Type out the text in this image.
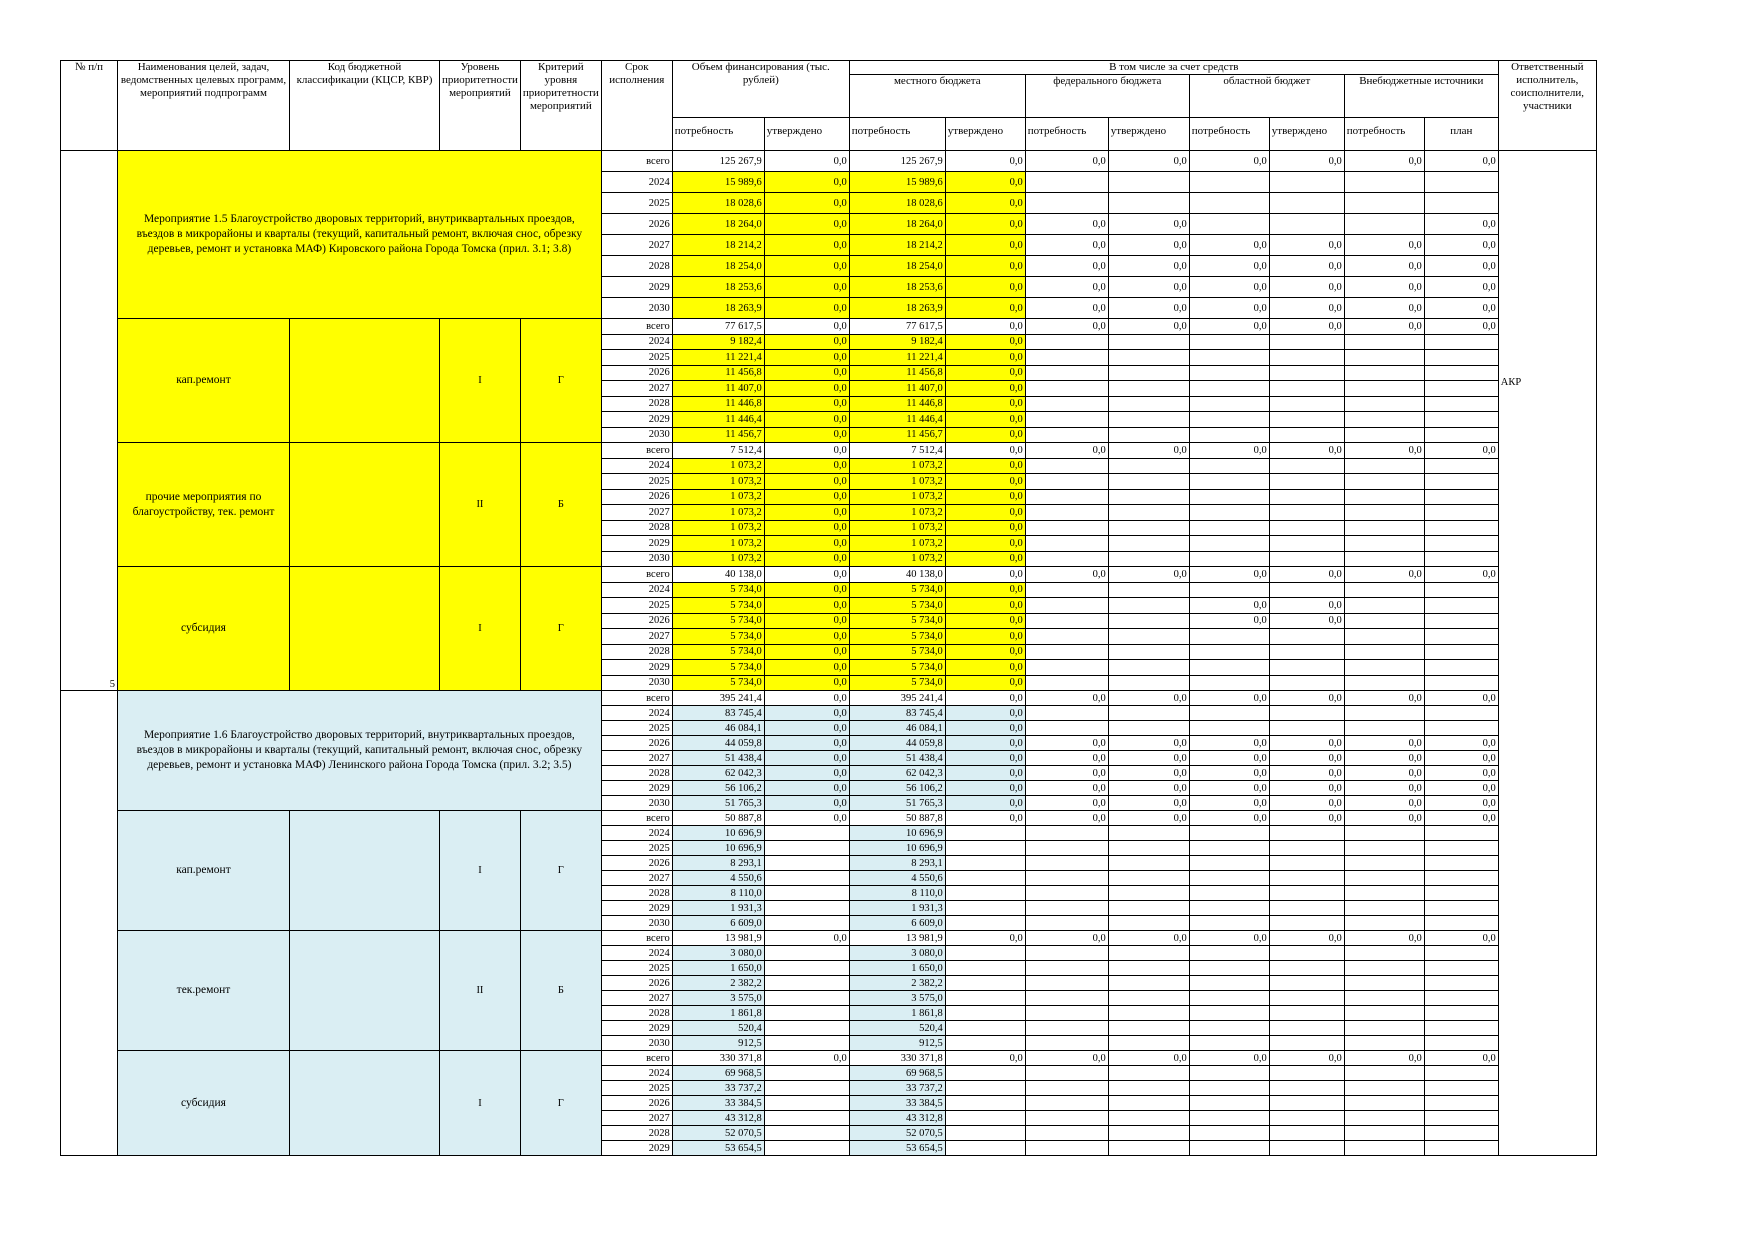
№ п/п	Наименования целей, задач, ведомственных целевых программ, мероприятий подпрограмм	Код бюджетной классификации (КЦСР, КВР)	Уровень приоритетности мероприятий	Критерий уровня приоритетности мероприятий	Срок исполнения	Объем финансирования (тыс. рублей)		В том числе за счет средств								Ответственный исполнитель, соисполнители, участники
								местного бюджета		федерального бюджета		областной бюджет		Внебюджетные источники		
						потребность	утверждено	потребность	утверждено	потребность	утверждено	потребность	утверждено	потребность	план	
5	Мероприятие 1.5 Благоустройство дворовых территорий, внутриквартальных проездов, въездов в микрорайоны и кварталы (текущий, капитальный ремонт, включая снос, обрезку деревьев, ремонт и установка МАФ) Кировского района Города Томска (прил. 3.1; 3.8)				всего	125 267,9	0,0	125 267,9	0,0	0,0	0,0	0,0	0,0	0,0	0,0	АКР
					2024	15 989,6	0,0	15 989,6	0,0							
					2025	18 028,6	0,0	18 028,6	0,0							
					2026	18 264,0	0,0	18 264,0	0,0	0,0	0,0				0,0	
					2027	18 214,2	0,0	18 214,2	0,0	0,0	0,0	0,0	0,0	0,0	0,0	
					2028	18 254,0	0,0	18 254,0	0,0	0,0	0,0	0,0	0,0	0,0	0,0	
					2029	18 253,6	0,0	18 253,6	0,0	0,0	0,0	0,0	0,0	0,0	0,0	
					2030	18 263,9	0,0	18 263,9	0,0	0,0	0,0	0,0	0,0	0,0	0,0	
	кап.ремонт		I	Г	всего	77 617,5	0,0	77 617,5	0,0	0,0	0,0	0,0	0,0	0,0	0,0	
					2024	9 182,4	0,0	9 182,4	0,0							
					2025	11 221,4	0,0	11 221,4	0,0							
					2026	11 456,8	0,0	11 456,8	0,0							
					2027	11 407,0	0,0	11 407,0	0,0							
					2028	11 446,8	0,0	11 446,8	0,0							
					2029	11 446,4	0,0	11 446,4	0,0							
					2030	11 456,7	0,0	11 456,7	0,0							
	прочие мероприятия по благоустройству, тек. ремонт		II	Б	всего	7 512,4	0,0	7 512,4	0,0	0,0	0,0	0,0	0,0	0,0	0,0	
					2024	1 073,2	0,0	1 073,2	0,0							
					2025	1 073,2	0,0	1 073,2	0,0							
					2026	1 073,2	0,0	1 073,2	0,0							
					2027	1 073,2	0,0	1 073,2	0,0							
					2028	1 073,2	0,0	1 073,2	0,0							
					2029	1 073,2	0,0	1 073,2	0,0							
					2030	1 073,2	0,0	1 073,2	0,0							
	субсидия		I	Г	всего	40 138,0	0,0	40 138,0	0,0	0,0	0,0	0,0	0,0	0,0	0,0	
					2024	5 734,0	0,0	5 734,0	0,0							
					2025	5 734,0	0,0	5 734,0	0,0			0,0	0,0			
					2026	5 734,0	0,0	5 734,0	0,0			0,0	0,0			
					2027	5 734,0	0,0	5 734,0	0,0							
					2028	5 734,0	0,0	5 734,0	0,0							
					2029	5 734,0	0,0	5 734,0	0,0							
					2030	5 734,0	0,0	5 734,0	0,0							
	Мероприятие 1.6 Благоустройство дворовых территорий, внутриквартальных проездов, въездов в микрорайоны и кварталы (текущий, капитальный ремонт, включая снос, обрезку деревьев, ремонт и установка МАФ) Ленинского района Города Томска (прил. 3.2; 3.5)				всего	395 241,4	0,0	395 241,4	0,0	0,0	0,0	0,0	0,0	0,0	0,0	
					2024	83 745,4	0,0	83 745,4	0,0							
					2025	46 084,1	0,0	46 084,1	0,0							
					2026	44 059,8	0,0	44 059,8	0,0	0,0	0,0	0,0	0,0	0,0	0,0	
					2027	51 438,4	0,0	51 438,4	0,0	0,0	0,0	0,0	0,0	0,0	0,0	
					2028	62 042,3	0,0	62 042,3	0,0	0,0	0,0	0,0	0,0	0,0	0,0	
					2029	56 106,2	0,0	56 106,2	0,0	0,0	0,0	0,0	0,0	0,0	0,0	
					2030	51 765,3	0,0	51 765,3	0,0	0,0	0,0	0,0	0,0	0,0	0,0	
	кап.ремонт		I	Г	всего	50 887,8	0,0	50 887,8	0,0	0,0	0,0	0,0	0,0	0,0	0,0	
					2024	10 696,9		10 696,9								
					2025	10 696,9		10 696,9								
					2026	8 293,1		8 293,1								
					2027	4 550,6		4 550,6								
					2028	8 110,0		8 110,0								
					2029	1 931,3		1 931,3								
					2030	6 609,0		6 609,0								
	тек.ремонт		II	Б	всего	13 981,9	0,0	13 981,9	0,0	0,0	0,0	0,0	0,0	0,0	0,0	
					2024	3 080,0		3 080,0								
					2025	1 650,0		1 650,0								
					2026	2 382,2		2 382,2								
					2027	3 575,0		3 575,0								
					2028	1 861,8		1 861,8								
					2029	520,4		520,4								
					2030	912,5		912,5								
	субсидия		I	Г	всего	330 371,8	0,0	330 371,8	0,0	0,0	0,0	0,0	0,0	0,0	0,0	
					2024	69 968,5		69 968,5								
					2025	33 737,2		33 737,2								
					2026	33 384,5		33 384,5								
					2027	43 312,8		43 312,8								
					2028	52 070,5		52 070,5								
					2029	53 654,5		53 654,5								
